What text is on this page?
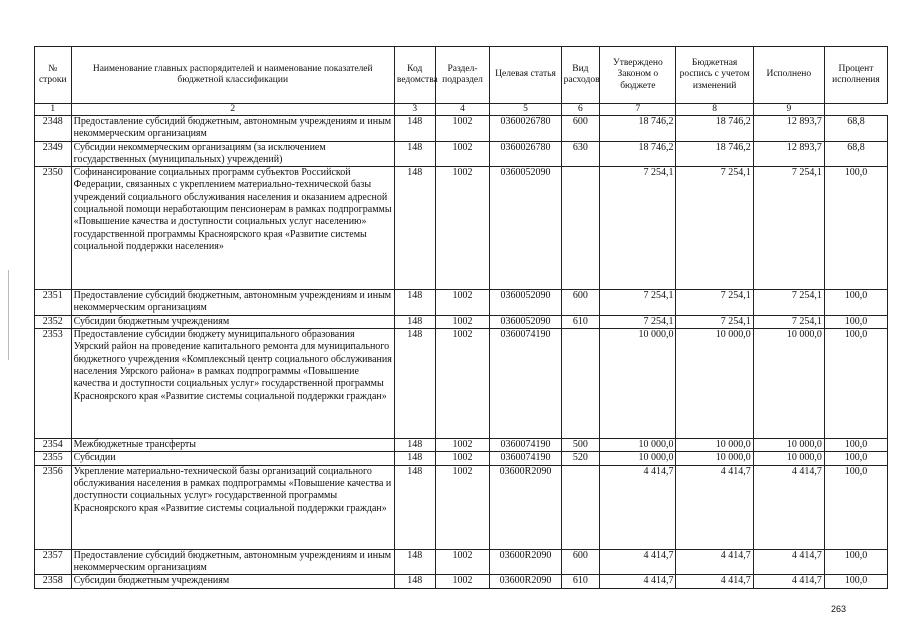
№ строки	Наименование главных распорядителей и наименование показателей бюджетной классификации	Код ведомства	Раздел-подраздел	Целевая статья	Вид расходов	Утверждено Законом о бюджете	Бюджетная роспись с учетом изменений	Исполнено	Процент исполнения
1	2	3	4	5	6	7	8	9	
2348	Предоставление субсидий бюджетным, автономным учреждениям и иным некоммерческим организациям	148	1002	0360026780	600	18 746,2	18 746,2	12 893,7	68,8
2349	Субсидии некоммерческим организациям (за исключением государственных (муниципальных) учреждений)	148	1002	0360026780	630	18 746,2	18 746,2	12 893,7	68,8
2350	Софинансирование социальных программ субъектов Российской Федерации, связанных с укреплением материально-технической базы учреждений социального обслуживания населения и оказанием адресной социальной помощи неработающим пенсионерам в рамках подпрограммы «Повышение качества и доступности социальных услуг населению» государственной программы Красноярского края «Развитие системы социальной поддержки населения»	148	1002	0360052090		7 254,1	7 254,1	7 254,1	100,0
2351	Предоставление субсидий бюджетным, автономным учреждениям и иным некоммерческим организациям	148	1002	0360052090	600	7 254,1	7 254,1	7 254,1	100,0
2352	Субсидии бюджетным учреждениям	148	1002	0360052090	610	7 254,1	7 254,1	7 254,1	100,0
2353	Предоставление субсидии бюджету муниципального образования Уярский район на проведение капитального ремонта для муниципального бюджетного учреждения «Комплексный центр социального обслуживания населения Уярского района» в рамках подпрограммы «Повышение качества и доступности социальных услуг» государственной программы Красноярского края «Развитие системы социальной поддержки граждан»	148	1002	0360074190		10 000,0	10 000,0	10 000,0	100,0
2354	Межбюджетные трансферты	148	1002	0360074190	500	10 000,0	10 000,0	10 000,0	100,0
2355	Субсидии	148	1002	0360074190	520	10 000,0	10 000,0	10 000,0	100,0
2356	Укрепление материально-технической базы организаций социального обслуживания населения в рамках подпрограммы «Повышение качества и доступности социальных услуг» государственной программы Красноярского края «Развитие системы социальной поддержки граждан»	148	1002	03600R2090		4 414,7	4 414,7	4 414,7	100,0
2357	Предоставление субсидий бюджетным, автономным учреждениям и иным некоммерческим организациям	148	1002	03600R2090	600	4 414,7	4 414,7	4 414,7	100,0
2358	Субсидии бюджетным учреждениям	148	1002	03600R2090	610	4 414,7	4 414,7	4 414,7	100,0
263
